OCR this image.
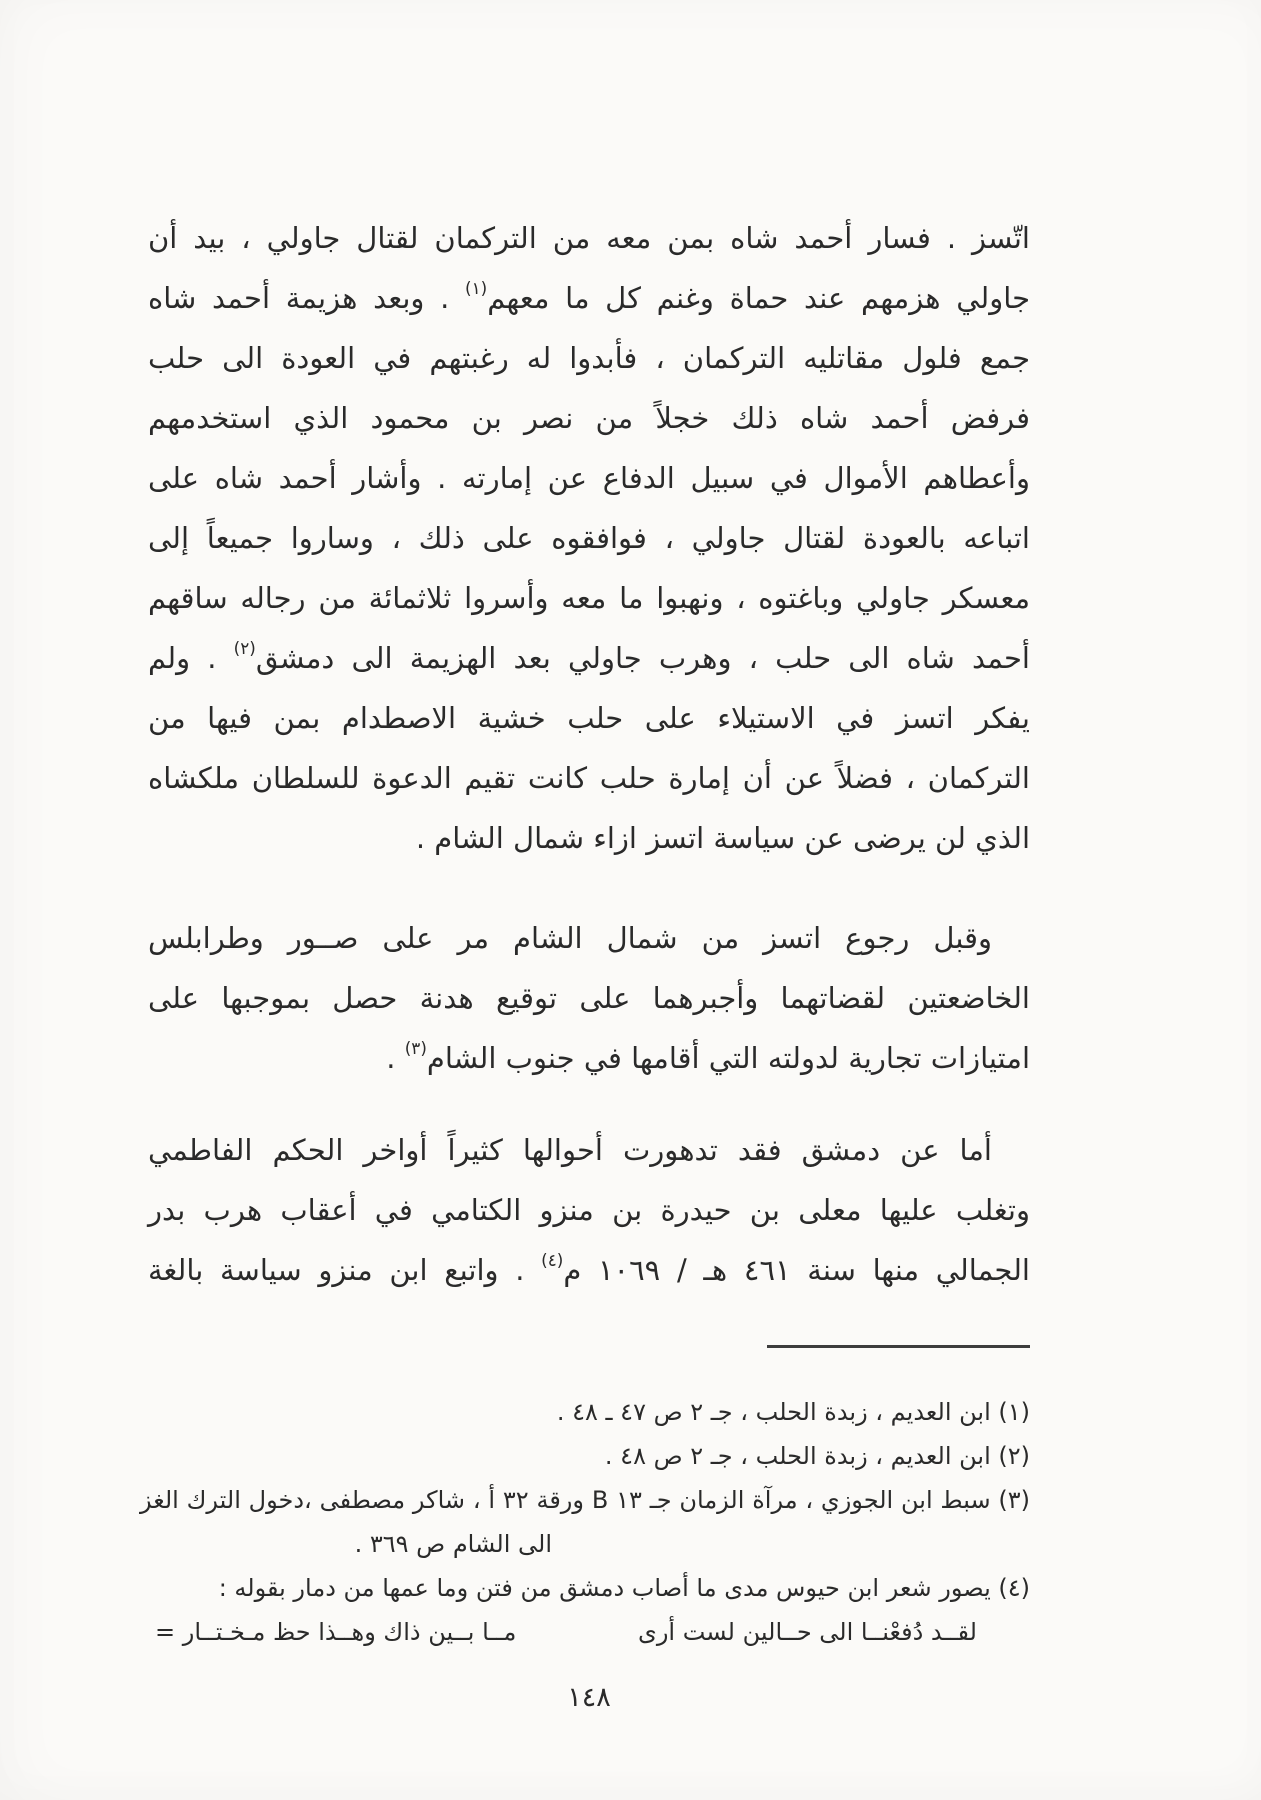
اتّسز . فسار أحمد شاه بمن معه من التركمان لقتال جاولي ، بيد أن
جاولي هزمهم عند حماة وغنم كل ما معهم$^{(١)}$ . وبعد هزيمة أحمد شاه
جمع فلول مقاتليه التركمان ، فأبدوا له رغبتهم في العودة الى حلب
فرفض أحمد شاه ذلك خجلاً من نصر بن محمود الذي استخدمهم
وأعطاهم الأموال في سبيل الدفاع عن إمارته . وأشار أحمد شاه على
اتباعه بالعودة لقتال جاولي ، فوافقوه على ذلك ، وساروا جميعاً إلى
معسكر جاولي وباغتوه ، ونهبوا ما معه وأسروا ثلاثمائة من رجاله ساقهم
أحمد شاه الى حلب ، وهرب جاولي بعد الهزيمة الى دمشق$^{(٢)}$ . ولم
يفكر اتسز في الاستيلاء على حلب خشية الاصطدام بمن فيها من
التركمان ، فضلاً عن أن إمارة حلب كانت تقيم الدعوة للسلطان ملكشاه
الذي لن يرضى عن سياسة اتسز ازاء شمال الشام .
وقبل رجوع اتسز من شمال الشام مر على صــور وطرابلس
الخاضعتين لقضاتهما وأجبرهما على توقيع هدنة حصل بموجبها على
امتيازات تجارية لدولته التي أقامها في جنوب الشام$^{(٣)}$ .
أما عن دمشق فقد تدهورت أحوالها كثيراً أواخر الحكم الفاطمي
وتغلب عليها معلى بن حيدرة بن منزو الكتامي في أعقاب هرب بدر
الجمالي منها سنة ٤٦١ هـ / ١٠٦٩ م$^{(٤)}$ . واتبع ابن منزو سياسة بالغة
(١) ابن العديم ، زبدة الحلب ، جـ ٢ ص ٤٧ ـ ٤٨ .
(٢) ابن العديم ، زبدة الحلب ، جـ ٢ ص ٤٨ .
(٣) سبط ابن الجوزي ، مرآة الزمان جـ ١٣ B ورقة ٣٢ أ ، شاكر مصطفى ،دخول الترك الغز
الى الشام ص ٣٦٩ .
(٤) يصور شعر ابن حيوس مدى ما أصاب دمشق من فتن وما عمها من دمار بقوله :
لقــد دُفعْنــا الى حــالين لست أرى
مــا بــين ذاك وهــذا حظ مـخـتــار =
١٤٨
